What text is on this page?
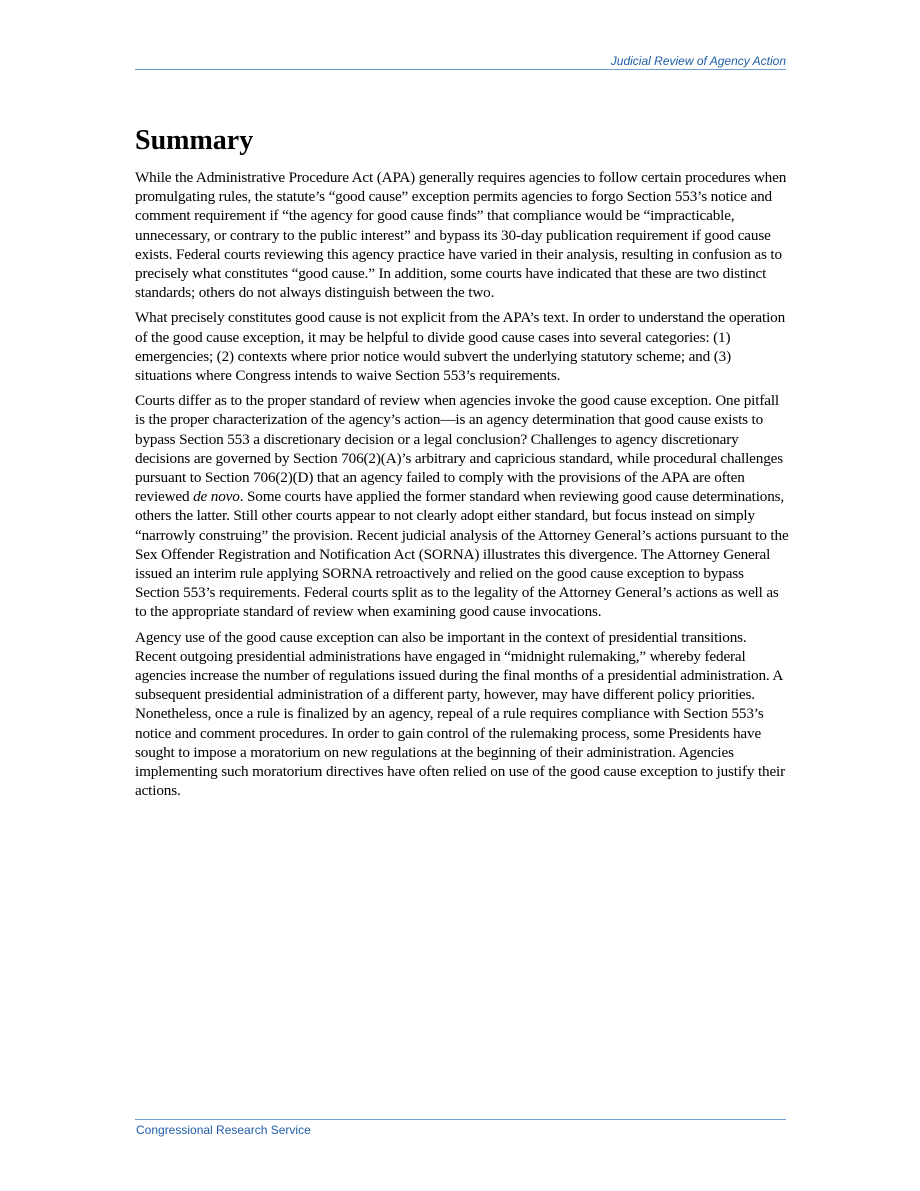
Judicial Review of Agency Action
Summary

While the Administrative Procedure Act (APA) generally requires agencies to follow certain procedures when promulgating rules, the statute’s “good cause” exception permits agencies to forgo Section 553’s notice and comment requirement if “the agency for good cause finds” that compliance would be “impracticable, unnecessary, or contrary to the public interest” and bypass its 30-day publication requirement if good cause exists. Federal courts reviewing this agency practice have varied in their analysis, resulting in confusion as to precisely what constitutes “good cause.” In addition, some courts have indicated that these are two distinct standards; others do not always distinguish between the two.

What precisely constitutes good cause is not explicit from the APA’s text. In order to understand the operation of the good cause exception, it may be helpful to divide good cause cases into several categories: (1) emergencies; (2) contexts where prior notice would subvert the underlying statutory scheme; and (3) situations where Congress intends to waive Section 553’s requirements.

Courts differ as to the proper standard of review when agencies invoke the good cause exception. One pitfall is the proper characterization of the agency’s action—is an agency determination that good cause exists to bypass Section 553 a discretionary decision or a legal conclusion? Challenges to agency discretionary decisions are governed by Section 706(2)(A)’s arbitrary and capricious standard, while procedural challenges pursuant to Section 706(2)(D) that an agency failed to comply with the provisions of the APA are often reviewed de novo. Some courts have applied the former standard when reviewing good cause determinations, others the latter. Still other courts appear to not clearly adopt either standard, but focus instead on simply “narrowly construing” the provision. Recent judicial analysis of the Attorney General’s actions pursuant to the Sex Offender Registration and Notification Act (SORNA) illustrates this divergence. The Attorney General issued an interim rule applying SORNA retroactively and relied on the good cause exception to bypass Section 553’s requirements. Federal courts split as to the legality of the Attorney General’s actions as well as to the appropriate standard of review when examining good cause invocations.

Agency use of the good cause exception can also be important in the context of presidential transitions. Recent outgoing presidential administrations have engaged in “midnight rulemaking,” whereby federal agencies increase the number of regulations issued during the final months of a presidential administration. A subsequent presidential administration of a different party, however, may have different policy priorities. Nonetheless, once a rule is finalized by an agency, repeal of a rule requires compliance with Section 553’s notice and comment procedures. In order to gain control of the rulemaking process, some Presidents have sought to impose a moratorium on new regulations at the beginning of their administration. Agencies implementing such moratorium directives have often relied on use of the good cause exception to justify their actions.

Congressional Research Service
